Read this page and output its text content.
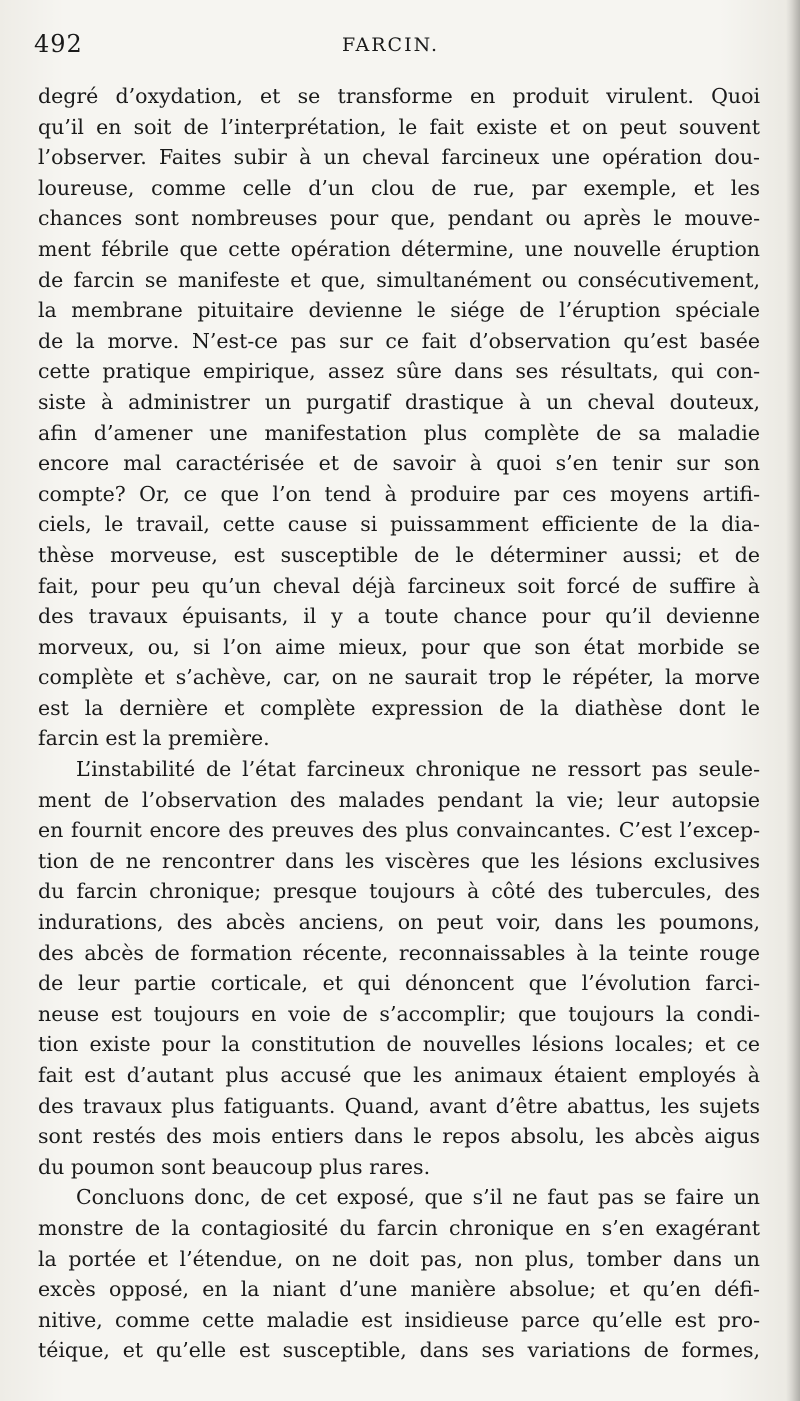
492	FARCIN.
degré d’oxydation, et se transforme en produit virulent. Quoi
qu’il en soit de l’interprétation, le fait existe et on peut souvent
l’observer. Faites subir à un cheval farcineux une opération dou-
loureuse, comme celle d’un clou de rue, par exemple, et les
chances sont nombreuses pour que, pendant ou après le mouve-
ment fébrile que cette opération détermine, une nouvelle éruption
de farcin se manifeste et que, simultanément ou consécutivement,
la membrane pituitaire devienne le siége de l’éruption spéciale
de la morve. N’est-ce pas sur ce fait d’observation qu’est basée
cette pratique empirique, assez sûre dans ses résultats, qui con-
siste à administrer un purgatif drastique à un cheval douteux,
afin d’amener une manifestation plus complète de sa maladie
encore mal caractérisée et de savoir à quoi s’en tenir sur son
compte? Or, ce que l’on tend à produire par ces moyens artifi-
ciels, le travail, cette cause si puissamment efficiente de la dia-
thèse morveuse, est susceptible de le déterminer aussi; et de
fait, pour peu qu’un cheval déjà farcineux soit forcé de suffire à
des travaux épuisants, il y a toute chance pour qu’il devienne
morveux, ou, si l’on aime mieux, pour que son état morbide se
complète et s’achève, car, on ne saurait trop le répéter, la morve
est la dernière et complète expression de la diathèse dont le
farcin est la première.
L’instabilité de l’état farcineux chronique ne ressort pas seule-
ment de l’observation des malades pendant la vie; leur autopsie
en fournit encore des preuves des plus convaincantes. C’est l’excep-
tion de ne rencontrer dans les viscères que les lésions exclusives
du farcin chronique; presque toujours à côté des tubercules, des
indurations, des abcès anciens, on peut voir, dans les poumons,
des abcès de formation récente, reconnaissables à la teinte rouge
de leur partie corticale, et qui dénoncent que l’évolution farci-
neuse est toujours en voie de s’accomplir; que toujours la condi-
tion existe pour la constitution de nouvelles lésions locales; et ce
fait est d’autant plus accusé que les animaux étaient employés à
des travaux plus fatiguants. Quand, avant d’être abattus, les sujets
sont restés des mois entiers dans le repos absolu, les abcès aigus
du poumon sont beaucoup plus rares.
Concluons donc, de cet exposé, que s’il ne faut pas se faire un
monstre de la contagiosité du farcin chronique en s’en exagérant
la portée et l’étendue, on ne doit pas, non plus, tomber dans un
excès opposé, en la niant d’une manière absolue; et qu’en défi-
nitive, comme cette maladie est insidieuse parce qu’elle est pro-
téique, et qu’elle est susceptible, dans ses variations de formes,
